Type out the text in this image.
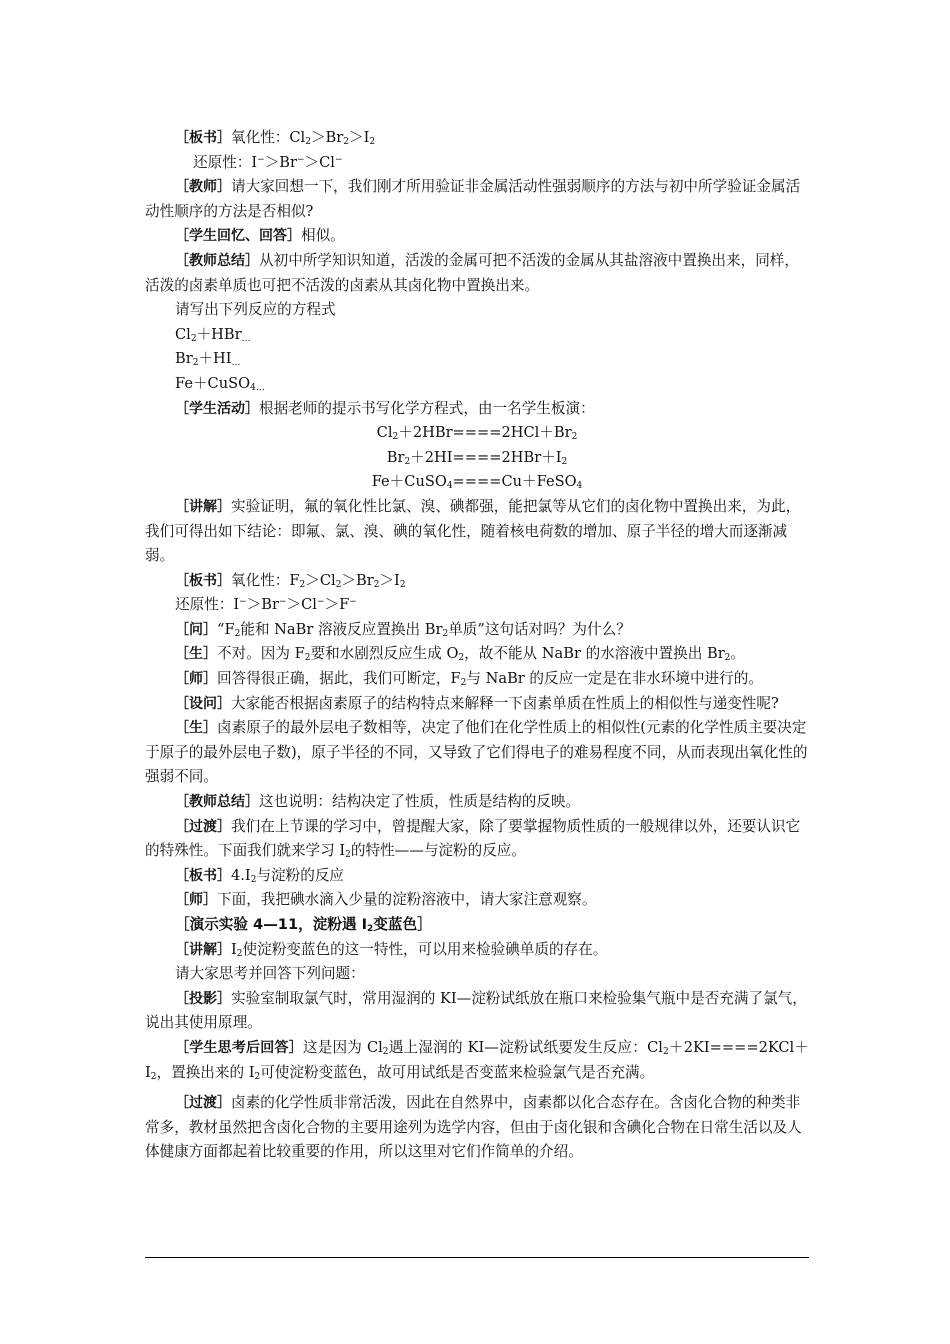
［板书］氧化性：$Cl_2>Br_2>I_2$

还原性：I−＞Br−＞Cl−

［教师］请大家回想一下，我们刚才所用验证非金属活动性强弱顺序的方法与初中所学验证金属活动性顺序的方法是否相似?

［学生回忆、回答］相似。

［教师总结］从初中所学知识知道，活泼的金属可把不活泼的金属从其盐溶液中置换出来，同样，活泼的卤素单质也可把不活泼的卤素从其卤化物中置换出来。

请写出下列反应的方程式

$Cl_2+HBr_\dots$

$Br_2+HI_\dots$

Fe＋CuSO$_{4\dots}$

［学生活动］根据老师的提示书写化学方程式，由一名学生板演：

$Cl_2+2HBr====2HCl+Br_2$

$Br_2+2HI====2HBr+I_2$

Fe＋CuSO$_4$====Cu＋FeSO$_4$

［讲解］实验证明，氟的氧化性比氯、溴、碘都强，能把氯等从它们的卤化物中置换出来，为此，我们可得出如下结论：即氟、氯、溴、碘的氧化性，随着核电荷数的增加、原子半径的增大而逐渐减弱。

［板书］氧化性：$F_2>Cl_2>Br_2>I_2$

还原性：I−＞Br−＞Cl−＞F−

［问$]“F_2$能和 NaBr 溶液反应置换出 $Br_2$单质”这句话对吗？为什么？

［生］不对。因为 $F_2$要和水剧烈反应生成 $O_2$，故不能从 NaBr 的水溶液中置换出 $Br_2$。

［师］回答得很正确，据此，我们可断定，$F_2$与 NaBr 的反应一定是在非水环境中进行的。

［设问］大家能否根据卤素原子的结构特点来解释一下卤素单质在性质上的相似性与递变性呢?

［生］卤素原子的最外层电子数相等，决定了他们在化学性质上的相似性(元素的化学性质主要决定于原子的最外层电子数)，原子半径的不同，又导致了它们得电子的难易程度不同，从而表现出氧化性的强弱不同。

［教师总结］这也说明：结构决定了性质，性质是结构的反映。

［过渡］我们在上节课的学习中，曾提醒大家，除了要掌握物质性质的一般规律以外，还要认识它的特殊性。下面我们就来学习 $I_2$的特性——与淀粉的反应。

［板书$]4.I_2$与淀粉的反应

［师］下面，我把碘水滴入少量的淀粉溶液中，请大家注意观察。

［演示实验 4—11，淀粉遇 $I_2$变蓝色］

［讲解$]I_2$使淀粉变蓝色的这一特性，可以用来检验碘单质的存在。

请大家思考并回答下列问题：

［投影］实验室制取氯气时，常用湿润的 KI—淀粉试纸放在瓶口来检验集气瓶中是否充满了氯气，说出其使用原理。

［学生思考后回答］这是因为 $Cl_2$遇上湿润的 KI—淀粉试纸要发生反应：$Cl_2+2KI====2KCl+I_2$，置换出来的 $I_2$可使淀粉变蓝色，故可用试纸是否变蓝来检验氯气是否充满。

［过渡］卤素的化学性质非常活泼，因此在自然界中，卤素都以化合态存在。含卤化合物的种类非常多，教材虽然把含卤化合物的主要用途列为选学内容，但由于卤化银和含碘化合物在日常生活以及人体健康方面都起着比较重要的作用，所以这里对它们作简单的介绍。
